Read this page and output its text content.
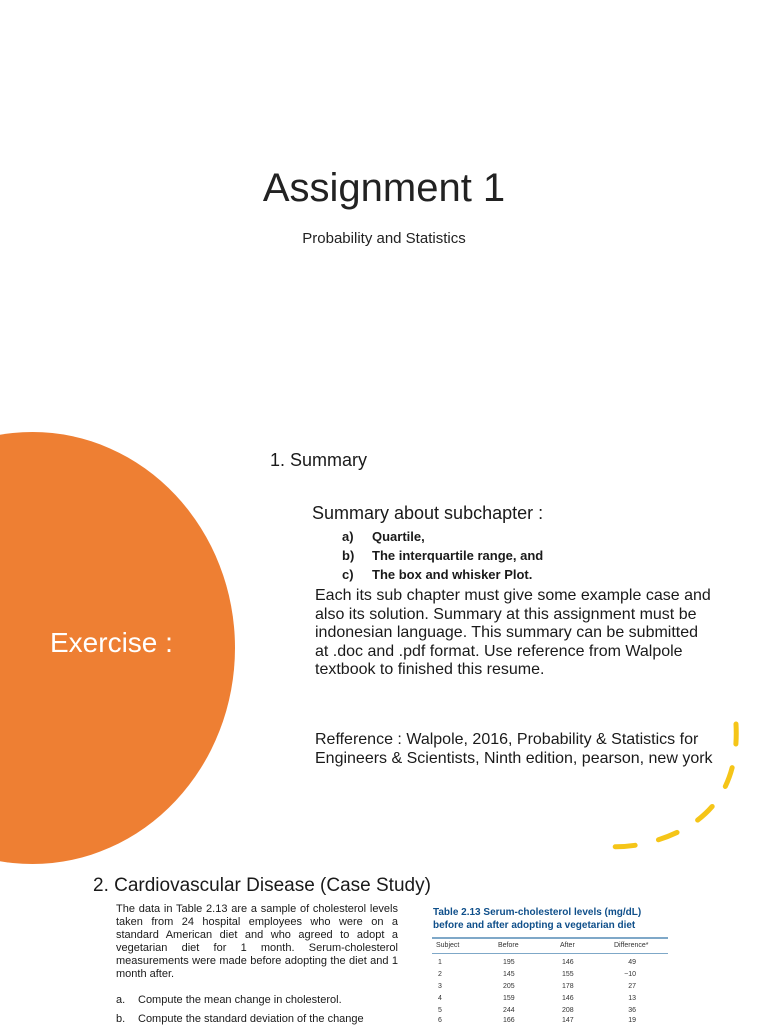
Assignment 1
Probability and Statistics
Exercise :
1. Summary
Summary about subchapter :
a) Quartile,
b) The interquartile range, and
c) The box and whisker Plot.
Each its sub chapter must give some example case and also its solution. Summary at this assignment must be indonesian language. This summary can be submitted at .doc and .pdf format. Use reference from Walpole textbook to finished this resume.
Refference : Walpole, 2016, Probability & Statistics for Engineers & Scientists, Ninth edition, pearson, new york
2. Cardiovascular Disease (Case Study)
The data in Table 2.13 are a sample of cholesterol levels taken from 24 hospital employees who were on a standard American diet and who agreed to adopt a vegetarian diet for 1 month. Serum-cholesterol measurements were made before adopting the diet and 1 month after.
a. Compute the mean change in cholesterol.
b. Compute the standard deviation of the change
Table 2.13 Serum-cholesterol levels (mg/dL) before and after adopting a vegetarian diet
Subject	Before	After	Difference*
1	195	146	49
2	145	155	−10
3	205	178	27
4	159	146	13
5	244	208	36
6	166	147	19
